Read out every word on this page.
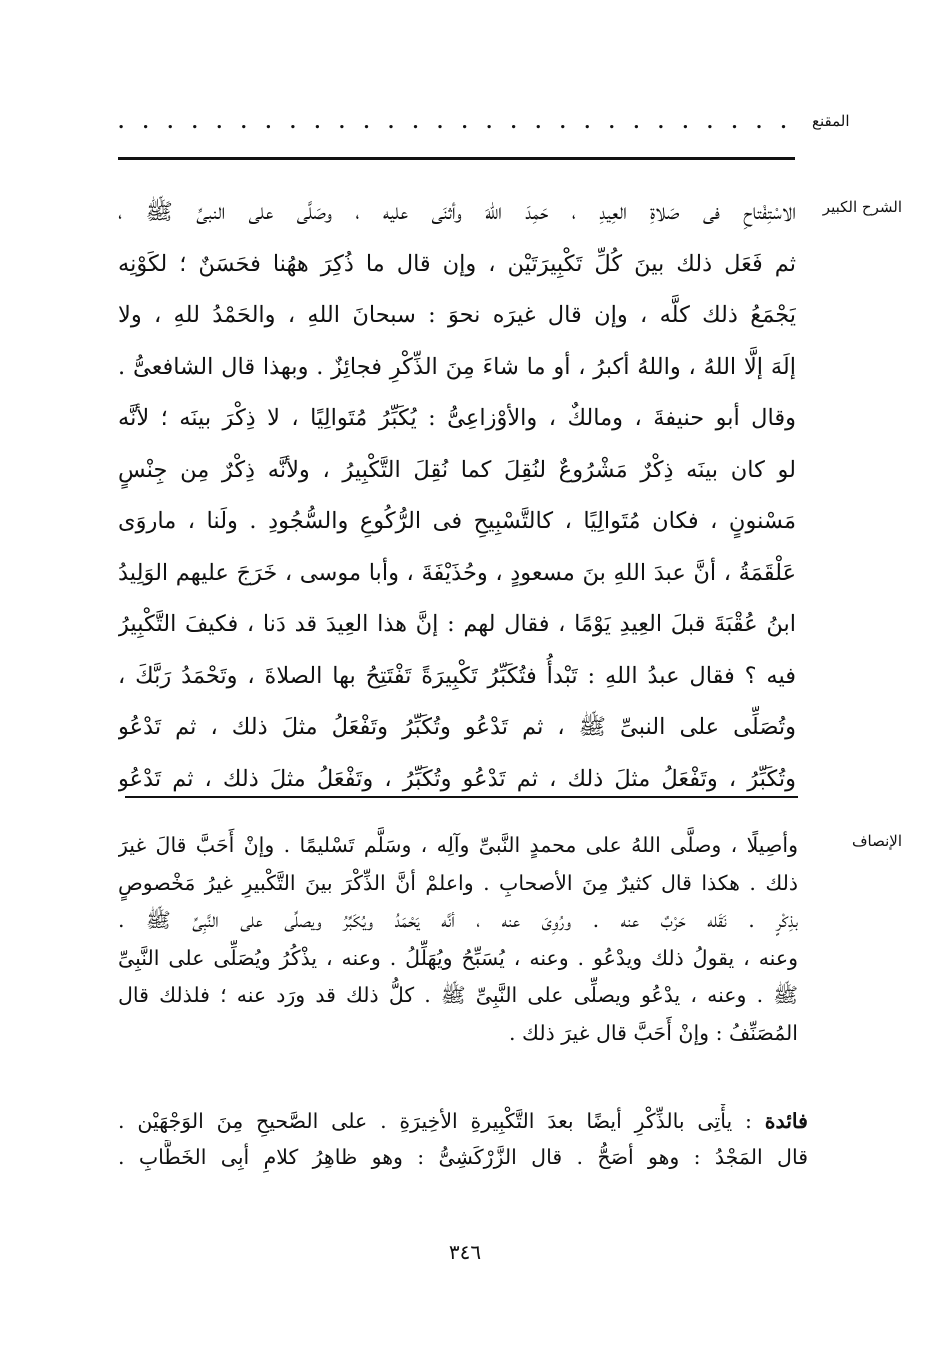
المقنع
. . . . . . . . . . . . . . . . . . . . . . . . . . . .
الشرح الكبير
الاسْتِفْتاحِ فى صَلاةِ العِيدِ ، حَمِدَ اللهَ وأثنَى عليه ، وصَلَّى على النبىِّ ﷺ ،
ثم فَعَل ذلك بينَ كُلِّ تَكْبِيرَتَيْن ، وإن قال ما ذُكِرَ ههُنا فحَسَنٌ ؛ لكَوْنِه
يَجْمَعُ ذلك كلَّه ، وإن قال غيرَه نحوَ : سبحانَ اللهِ ، والحَمْدُ للهِ ، ولا
إلَهَ إلَّا اللهُ ، واللهُ أكبرُ ، أو ما شاءَ مِنَ الذِّكْرِ فجائِزٌ . وبهذا قال الشافعىُّ .
وقال أبو حنيفةَ ، ومالكٌ ، والأوْزاعِىُّ : يُكَبِّرُ مُتَوالِيًا ، لا ذِكْرَ بينَه ؛ لأنَّه
لو كان بينَه ذِكْرٌ مَشْرُوعٌ لنُقِلَ كما نُقِلَ التَّكْبِيرُ ، ولأنَّه ذِكْرٌ مِن جِنْسٍ
مَسْنونٍ ، فكان مُتَوالِيًا ، كالتَّسْبِيحِ فى الرُّكُوعِ والسُّجُودِ . ولَنا ، ماروَى
عَلْقَمَةُ ، أنَّ عبدَ اللهِ بنَ مسعودٍ ، وحُذَيْفَةَ ، وأبا موسى ، خَرَجَ عليهم الوَلِيدُ
ابنُ عُقْبَةَ قبلَ العِيدِ يَوْمًا ، فقال لهم : إنَّ هذا العِيدَ قد دَنا ، فكيفَ التَّكْبِيرُ
فيه ؟ فقال عبدُ اللهِ : تَبْدأُ فتُكَبِّرُ تَكْبِيرَةً تَفْتَتِحُ بها الصلاةَ ، وتَحْمَدُ رَبَّكَ ،
وتُصَلِّى على النبىِّ ﷺ ، ثم تَدْعُو وتُكَبِّرُ وتَفْعَلُ مثلَ ذلك ، ثم تَدْعُو
وتُكَبِّرُ ، وتَفْعَلُ مثلَ ذلك ، ثم تَدْعُو وتُكَبِّرُ ، وتَفْعَلُ مثلَ ذلك ، ثم تَدْعُو
الإنصاف
وأصِيلًا ، وصلَّى اللهُ على محمدٍ النَّبىِّ وآلِه ، وسَلَّم تَسْليمًا . وإنْ أَحَبَّ قالَ غيرَ
ذلك . هكذا قال كثيرٌ مِنَ الأصحابِ . واعلمْ أنَّ الذِّكْرَ بينَ التَّكْبيرِ غيرُ مَخْصوصٍ
بذِكْرٍ . نَقَله حَرْبٌ عنه . ورُوِىَ عنه ، أنَّه يَحْمَدُ ويُكَبِّرُ ويصلِّى على النَّبِىِّ ﷺ .
وعنه ، يقولُ ذلك ويدْعُو . وعنه ، يُسَبِّحُ ويُهَلِّلُ . وعنه ، يذْكُرُ ويُصَلِّى على النَّبِىِّ
ﷺ . وعنه ، يدْعُو ويصلِّى على النَّبِىِّ ﷺ . كلُّ ذلك قد ورَد عنه ؛ فلذلك قال
المُصَنِّفُ : وإنْ أَحَبَّ قال غيرَ ذلك .
فائدة : يأْتِى بالذِّكْرِ أيضًا بعدَ التَّكْبِيرةِ الأخِيرَةِ . على الصَّحيحِ مِنَ الوَجْهَيْن .
قال المَجْدُ : وهو أصَحُّ . قال الزَّرْكَشِىُّ : وهو ظاهِرُ كلامِ أبِى الخَطَّابِ .
٣٤٦
